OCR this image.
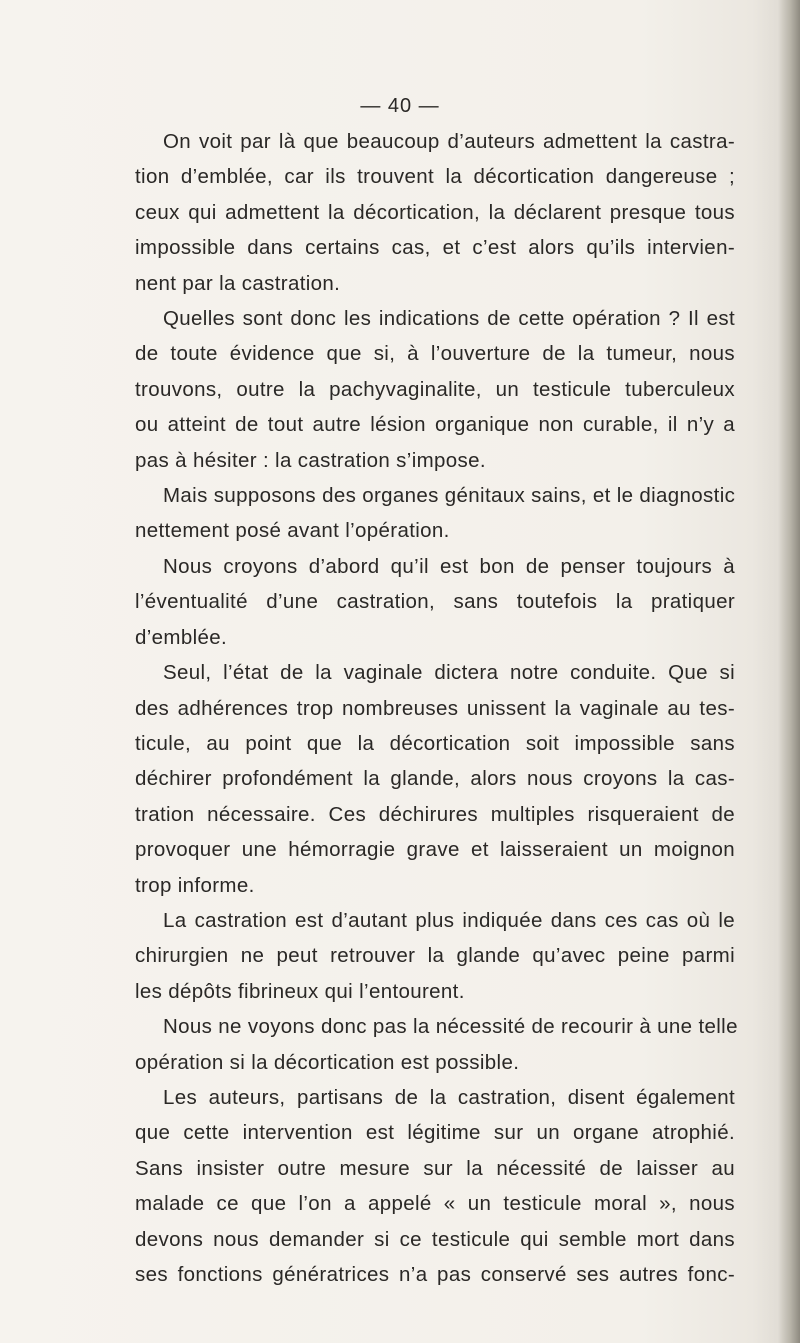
— 40 —
On voit par là que beaucoup d’auteurs admettent la castra-
tion d’emblée, car ils trouvent la décortication dangereuse ;
ceux qui admettent la décortication, la déclarent presque tous
impossible dans certains cas, et c’est alors qu’ils intervien-
nent par la castration.
Quelles sont donc les indications de cette opération ? Il est
de toute évidence que si, à l’ouverture de la tumeur, nous
trouvons, outre la pachyvaginalite, un testicule tuberculeux
ou atteint de tout autre lésion organique non curable, il n’y a
pas à hésiter : la castration s’impose.
Mais supposons des organes génitaux sains, et le diagnostic
nettement posé avant l’opération.
Nous croyons d’abord qu’il est bon de penser toujours à
l’éventualité d’une castration, sans toutefois la pratiquer
d’emblée.
Seul, l’état de la vaginale dictera notre conduite. Que si
des adhérences trop nombreuses unissent la vaginale au tes-
ticule, au point que la décortication soit impossible sans
déchirer profondément la glande, alors nous croyons la cas-
tration nécessaire. Ces déchirures multiples risqueraient de
provoquer une hémorragie grave et laisseraient un moignon
trop informe.
La castration est d’autant plus indiquée dans ces cas où le
chirurgien ne peut retrouver la glande qu’avec peine parmi
les dépôts fibrineux qui l’entourent.
Nous ne voyons donc pas la nécessité de recourir à une telle
opération si la décortication est possible.
Les auteurs, partisans de la castration, disent également
que cette intervention est légitime sur un organe atrophié.
Sans insister outre mesure sur la nécessité de laisser au
malade ce que l’on a appelé « un testicule moral », nous
devons nous demander si ce testicule qui semble mort dans
ses fonctions génératrices n’a pas conservé ses autres fonc-
